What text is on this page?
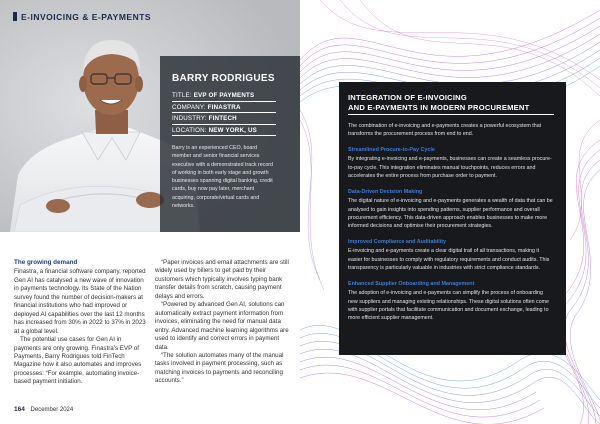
E-INVOICING & E-PAYMENTS
BARRY RODRIGUES
TITLE: EVP OF PAYMENTS
COMPANY: FINASTRA
INDUSTRY: FINTECH
LOCATION: NEW YORK, US

Barry is an experienced CEO, board member and senior financial services executive with a demonstrated track record of working in both early stage and growth businesses spanning digital banking, credit cards, buy now pay later, merchant acquiring, corporate/virtual cards and networks.

The growing demand

Finastra, a financial software company, reported Gen AI has catalysed a new wave of innovation in payments technology. Its State of the Nation survey found the number of decision-makers at financial institutions who had improved or deployed AI capabilities over the last 12 months has increased from 30% in 2022 to 37% in 2023 at a global level.

The potential use cases for Gen AI in payments are only growing. Finastra’s EVP of Payments, Barry Rodrigues told FinTech Magazine how it also automates and improves processes: “For example, automating invoice-based payment initiation.

“Paper invoices and email attachments are still widely used by billers to get paid by their customers which typically involves typing bank transfer details from scratch, causing payment delays and errors.

“Powered by advanced Gen AI, solutions can automatically extract payment information from invoices, eliminating the need for manual data entry. Advanced machine learning algorithms are used to identify and correct errors in payment data.

“The solution automates many of the manual tasks involved in payment processing, such as matching invoices to payments and reconciling accounts.”

164 December 2024
INTEGRATION OF E-INVOICING
AND E-PAYMENTS IN MODERN PROCUREMENT

The combination of e-invoicing and e-payments creates a powerful ecosystem that transforms the procurement process from end to end.

Streamlined Procure-to-Pay Cycle

By integrating e-invoicing and e-payments, businesses can create a seamless procure-to-pay cycle. This integration eliminates manual touchpoints, reduces errors and accelerates the entire process from purchase order to payment.

Data-Driven Decision Making

The digital nature of e-invoicing and e-payments generates a wealth of data that can be analysed to gain insights into spending patterns, supplier performance and overall procurement efficiency. This data-driven approach enables businesses to make more informed decisions and optimise their procurement strategies.

Improved Compliance and Auditability

E-invoicing and e-payments create a clear digital trail of all transactions, making it easier for businesses to comply with regulatory requirements and conduct audits. This transparency is particularly valuable in industries with strict compliance standards.

Enhanced Supplier Onboarding and Management

The adoption of e-invoicing and e-payments can simplify the process of onboarding new suppliers and managing existing relationships. These digital solutions often come with supplier portals that facilitate communication and document exchange, leading to more efficient supplier management.
